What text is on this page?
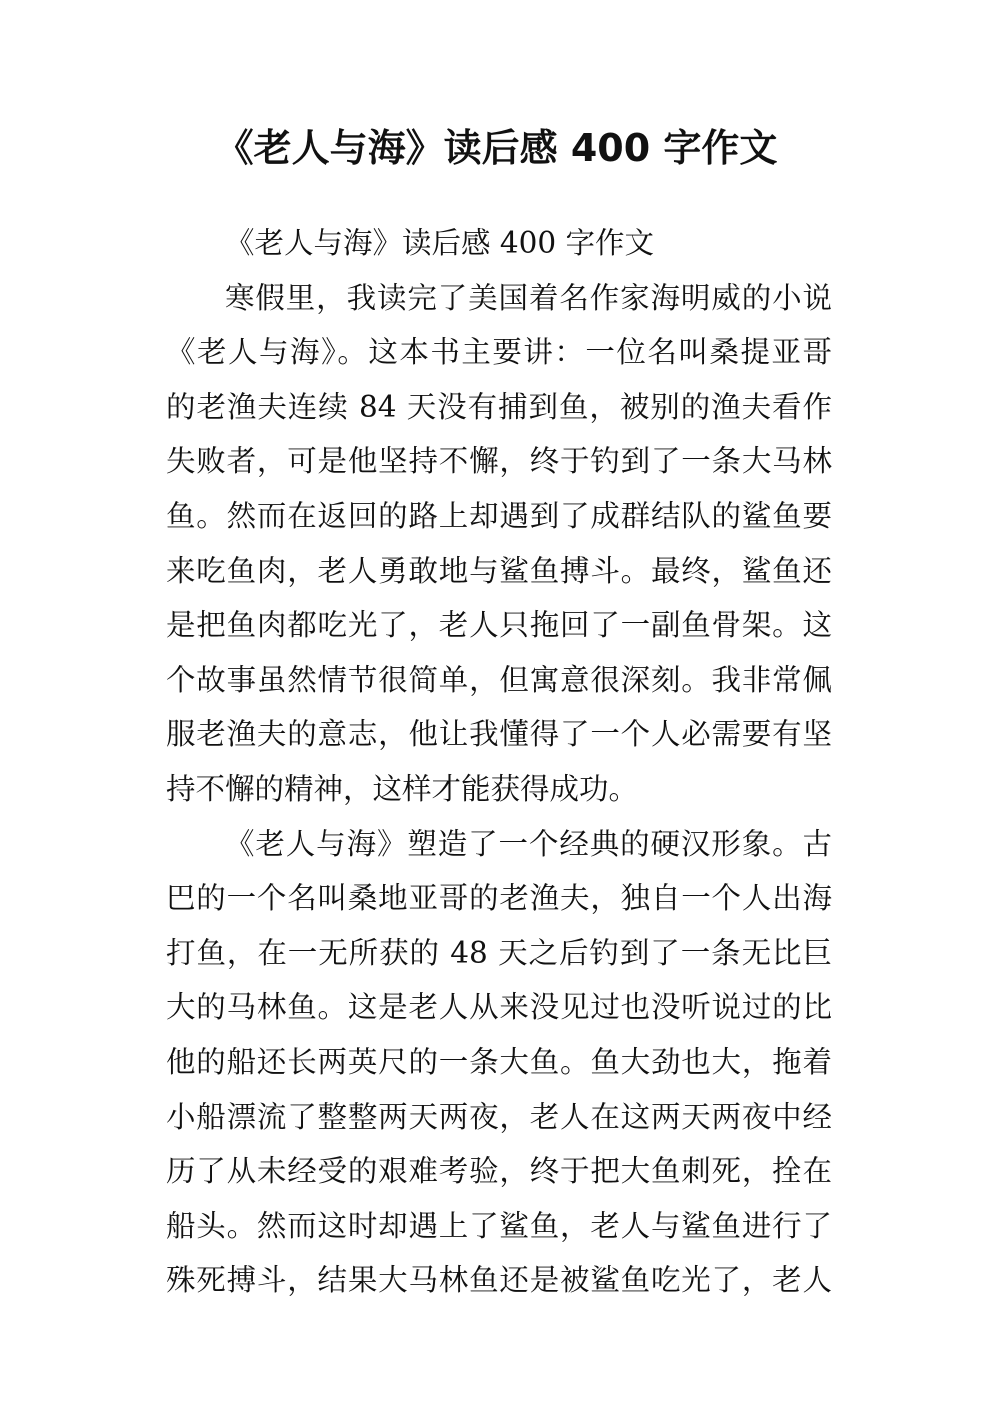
《老人与海》读后感 400 字作文
《老人与海》读后感 400 字作文
寒假里，我读完了美国着名作家海明威的小说
《老人与海》。这本书主要讲：一位名叫桑提亚哥
的老渔夫连续 84 天没有捕到鱼，被别的渔夫看作
失败者，可是他坚持不懈，终于钓到了一条大马林
鱼。然而在返回的路上却遇到了成群结队的鲨鱼要
来吃鱼肉，老人勇敢地与鲨鱼搏斗。最终，鲨鱼还
是把鱼肉都吃光了，老人只拖回了一副鱼骨架。这
个故事虽然情节很简单，但寓意很深刻。我非常佩
服老渔夫的意志，他让我懂得了一个人必需要有坚
持不懈的精神，这样才能获得成功。
《老人与海》塑造了一个经典的硬汉形象。古
巴的一个名叫桑地亚哥的老渔夫，独自一个人出海
打鱼，在一无所获的 48 天之后钓到了一条无比巨
大的马林鱼。这是老人从来没见过也没听说过的比
他的船还长两英尺的一条大鱼。鱼大劲也大，拖着
小船漂流了整整两天两夜，老人在这两天两夜中经
历了从未经受的艰难考验，终于把大鱼刺死，拴在
船头。然而这时却遇上了鲨鱼，老人与鲨鱼进行了
殊死搏斗，结果大马林鱼还是被鲨鱼吃光了，老人
